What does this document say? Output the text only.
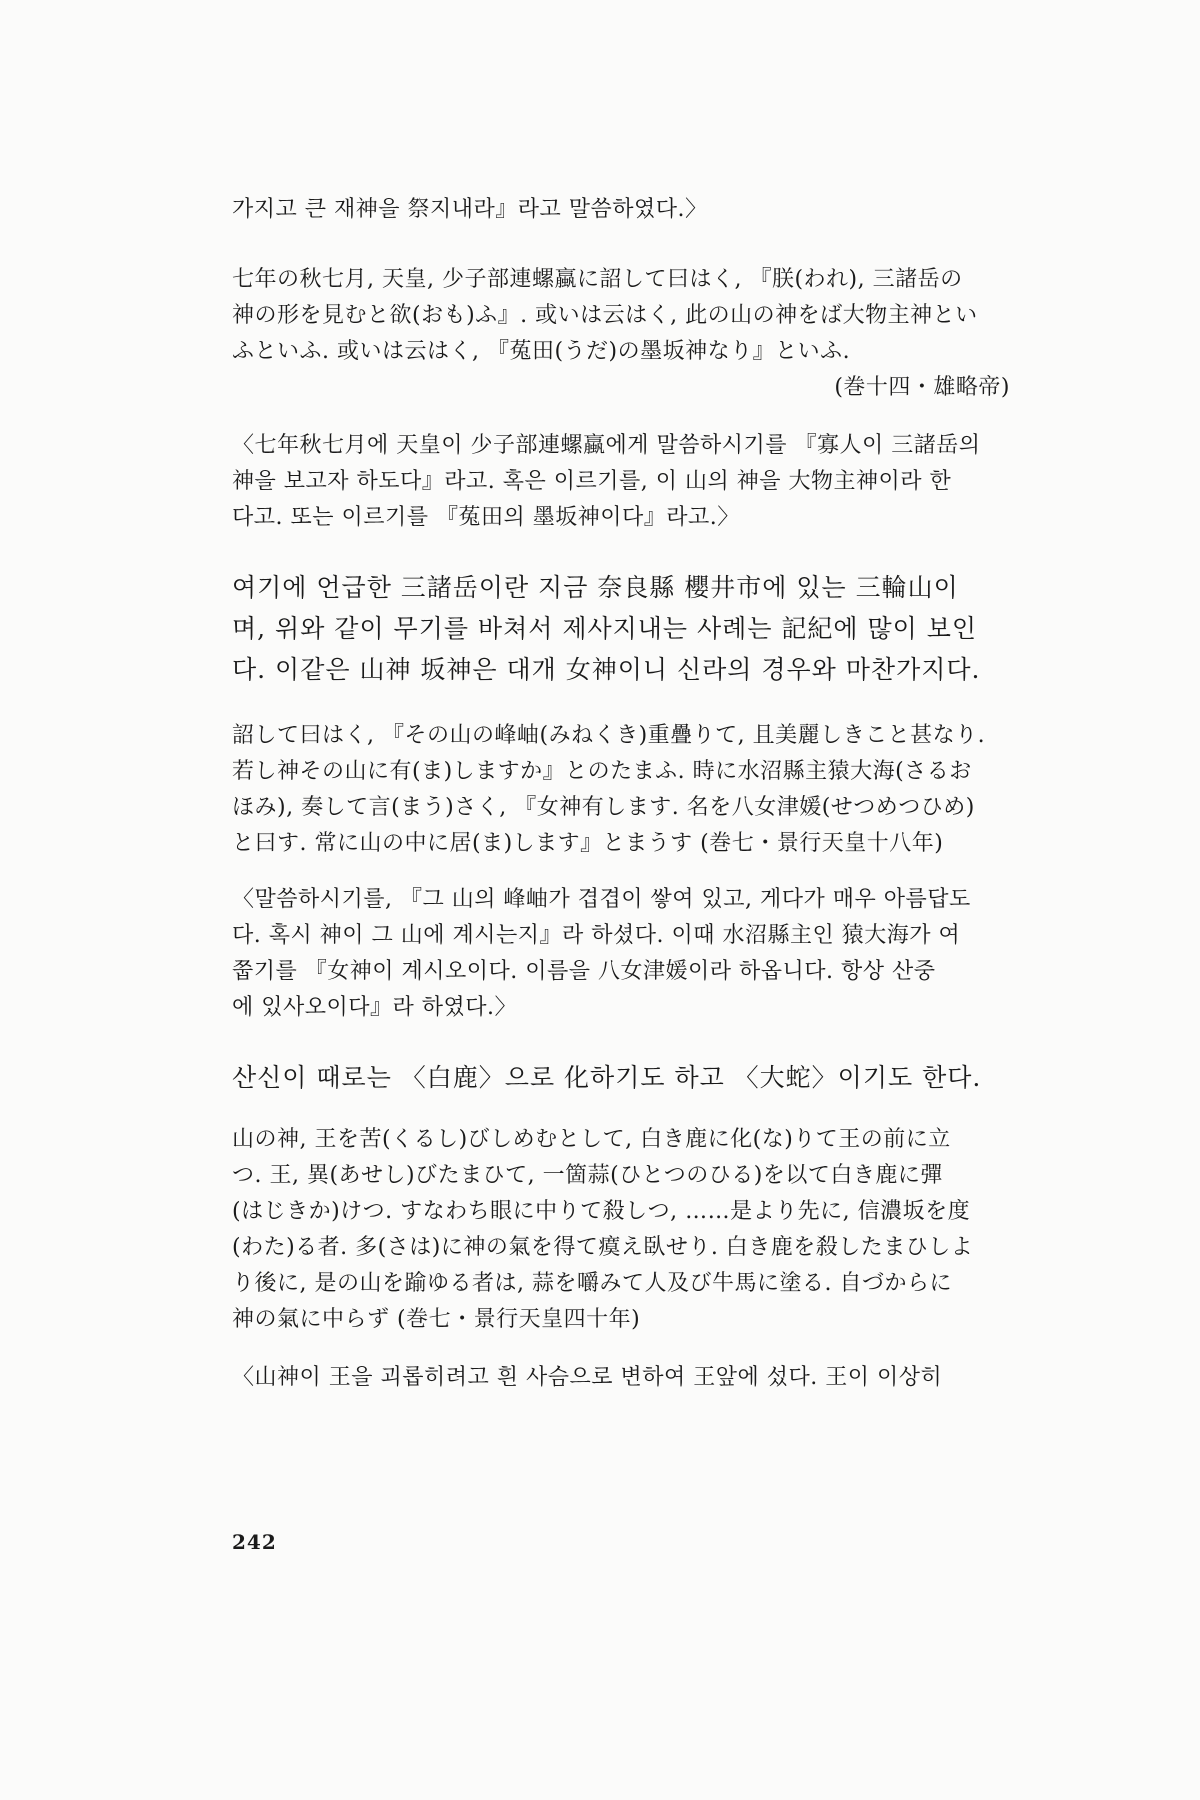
가지고 큰 재神을 祭지내라』라고 말씀하였다.〉
七年の秋七月, 天皇, 少子部連螺蠃に詔して曰はく, 『朕(われ), 三諸岳の
神の形を見むと欲(おも)ふ』. 或いは云はく, 此の山の神をば大物主神とい
ふといふ. 或いは云はく, 『菟田(うだ)の墨坂神なり』といふ.
(巻十四・雄略帝)
〈七年秋七月에 天皇이 少子部連螺蠃에게 말씀하시기를 『寡人이 三諸岳의
神을 보고자 하도다』라고. 혹은 이르기를, 이 山의 神을 大物主神이라 한
다고. 또는 이르기를 『菟田의 墨坂神이다』라고.〉
여기에 언급한 三諸岳이란 지금 奈良縣 櫻井市에 있는 三輪山이
며, 위와 같이 무기를 바쳐서 제사지내는 사례는 記紀에 많이 보인
다. 이같은 山神 坂神은 대개 女神이니 신라의 경우와 마찬가지다.
詔して曰はく, 『その山の峰岫(みねくき)重疊りて, 且美麗しきこと甚なり.
若し神その山に有(ま)しますか』とのたまふ. 時に水沼縣主猿大海(さるお
ほみ), 奏して言(まう)さく, 『女神有します. 名を八女津媛(せつめつひめ)
と曰す. 常に山の中に居(ま)します』とまうす (巻七・景行天皇十八年)
〈말씀하시기를, 『그 山의 峰岫가 겹겹이 쌓여 있고, 게다가 매우 아름답도
다. 혹시 神이 그 山에 계시는지』라 하셨다. 이때 水沼縣主인 猿大海가 여
쭙기를 『女神이 계시오이다. 이름을 八女津媛이라 하옵니다. 항상 산중
에 있사오이다』라 하였다.〉
산신이 때로는 〈白鹿〉으로 化하기도 하고 〈大蛇〉이기도 한다.
山の神, 王を苦(くるし)びしめむとして, 白き鹿に化(な)りて王の前に立
つ. 王, 異(あせし)びたまひて, 一箇蒜(ひとつのひる)を以て白き鹿に彈
(はじきか)けつ. すなわち眼に中りて殺しつ, ……是より先に, 信濃坂を度
(わた)る者. 多(さは)に神の氣を得て瘼え臥せり. 白き鹿を殺したまひしよ
り後に, 是の山を踰ゆる者は, 蒜を嚼みて人及び牛馬に塗る. 自づからに
神の氣に中らず (巻七・景行天皇四十年)
〈山神이 王을 괴롭히려고 흰 사슴으로 변하여 王앞에 섰다. 王이 이상히
242
